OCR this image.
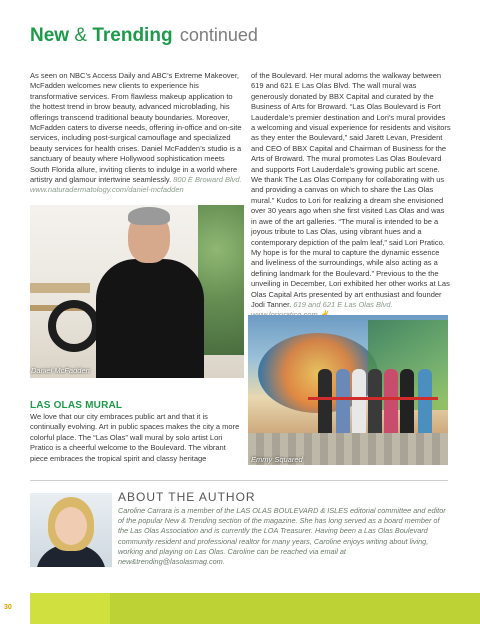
New & Trending continued

As seen on NBC’s Access Daily and ABC’s Extreme Makeover, McFadden welcomes new clients to experience his transformative services. From flawless makeup application to the hottest trend in brow beauty, advanced microblading, his offerings transcend traditional beauty boundaries. Moreover, McFadden caters to diverse needs, offering in-office and on-site services, including post-surgical camouflage and specialized beauty services for health crises. Daniel McFadden’s studio is a sanctuary of beauty where Hollywood sophistication meets South Florida allure, inviting clients to indulge in a world where artistry and glamour intertwine seamlessly. 800 E Broward Blvd.

www.naturadermatology.com/daniel-mcfadden

Daniel McFadden
LAS OLAS MURAL
We love that our city embraces public art and that it is continually evolving. Art in public spaces makes the city a more colorful place. The “Las Olas” wall mural by solo artist Lori Pratico is a cheerful welcome to the Boulevard. The vibrant piece embraces the tropical spirit and classy heritage

of the Boulevard. Her mural adorns the walkway between 619 and 621 E Las Olas Blvd. The wall mural was generously donated by BBX Capital and curated by the Business of Arts for Broward. “Las Olas Boulevard is Fort Lauderdale’s premier destination and Lori’s mural provides a welcoming and visual experience for residents and visitors as they enter the Boulevard,” said Jarett Levan, President and CEO of BBX Capital and Chairman of Business for the Arts of Broward. The mural promotes Las Olas Boulevard and supports Fort Lauderdale’s growing public art scene. We thank The Las Olas Company for collaborating with us and providing a canvas on which to share the Las Olas mural.” Kudos to Lori for realizing a dream she envisioned over 30 years ago when she first visited Las Olas and was in awe of the art galleries. “The mural is intended to be a joyous tribute to Las Olas, using vibrant hues and a contemporary depiction of the palm leaf,” said Lori Pratico. My hope is for the mural to capture the dynamic essence and liveliness of the surroundings, while also acting as a defining landmark for the Boulevard.” Previous to the the unveiling in December, Lori exhibited her other works at Las Olas Capital Arts presented by art enthusiast and founder Jodi Tanner. 619 and 621 E Las Olas Blvd.

Emmy Squared
ABOUT THE AUTHOR
Caroline Carrara is a member of the LAS OLAS BOULEVARD & ISLES editorial committee and editor of the popular New & Trending section of the magazine. She has long served as a board member of the Las Olas Association and is currently the LOA Treasurer. Having been a Las Olas Boulevard community resident and professional realtor for many years, Caroline enjoys writing about living, working and playing on Las Olas. Caroline can be reached via email at new&trending@lasolasmag.com.
30
